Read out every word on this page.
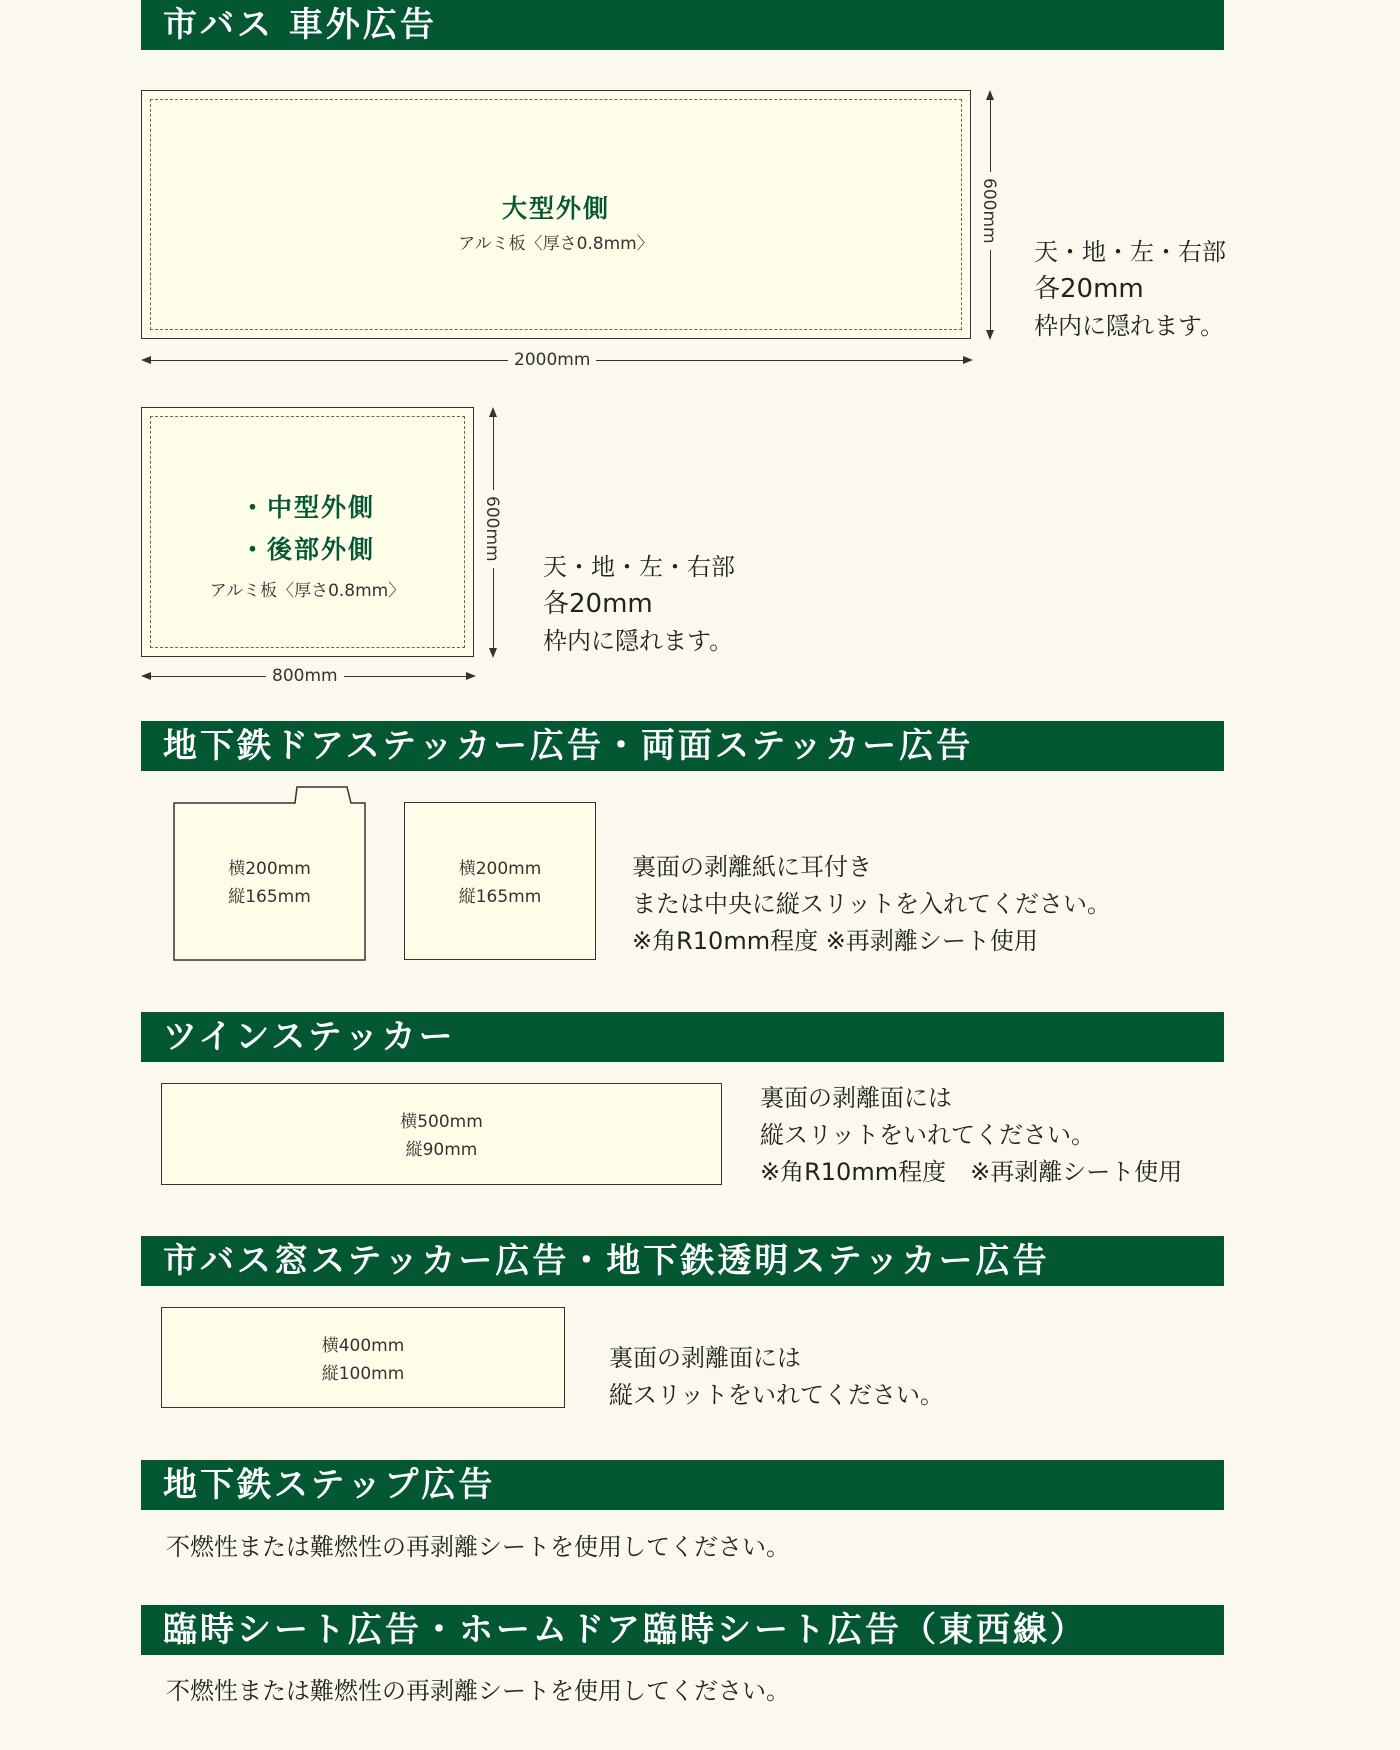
市バス 車外広告
大型外側
アルミ板〈厚さ0.8mm〉
2000mm
600mm
天・地・左・右部
各20mm
枠内に隠れます。
・中型外側
・後部外側
アルミ板〈厚さ0.8mm〉
800mm
600mm
天・地・左・右部
各20mm
枠内に隠れます。
地下鉄ドアステッカー広告・両面ステッカー広告
横200mm
縦165mm
横200mm
縦165mm
裏面の剥離紙に耳付き
または中央に縦スリットを入れてください。
※角R10mm程度 ※再剥離シート使用
ツインステッカー
横500mm
縦90mm
裏面の剥離面には
縦スリットをいれてください。
※角R10mm程度　※再剥離シート使用
市バス窓ステッカー広告・地下鉄透明ステッカー広告
横400mm
縦100mm
裏面の剥離面には
縦スリットをいれてください。
地下鉄ステップ広告
不燃性または難燃性の再剥離シートを使用してください。
臨時シート広告・ホームドア臨時シート広告（東西線）
不燃性または難燃性の再剥離シートを使用してください。
